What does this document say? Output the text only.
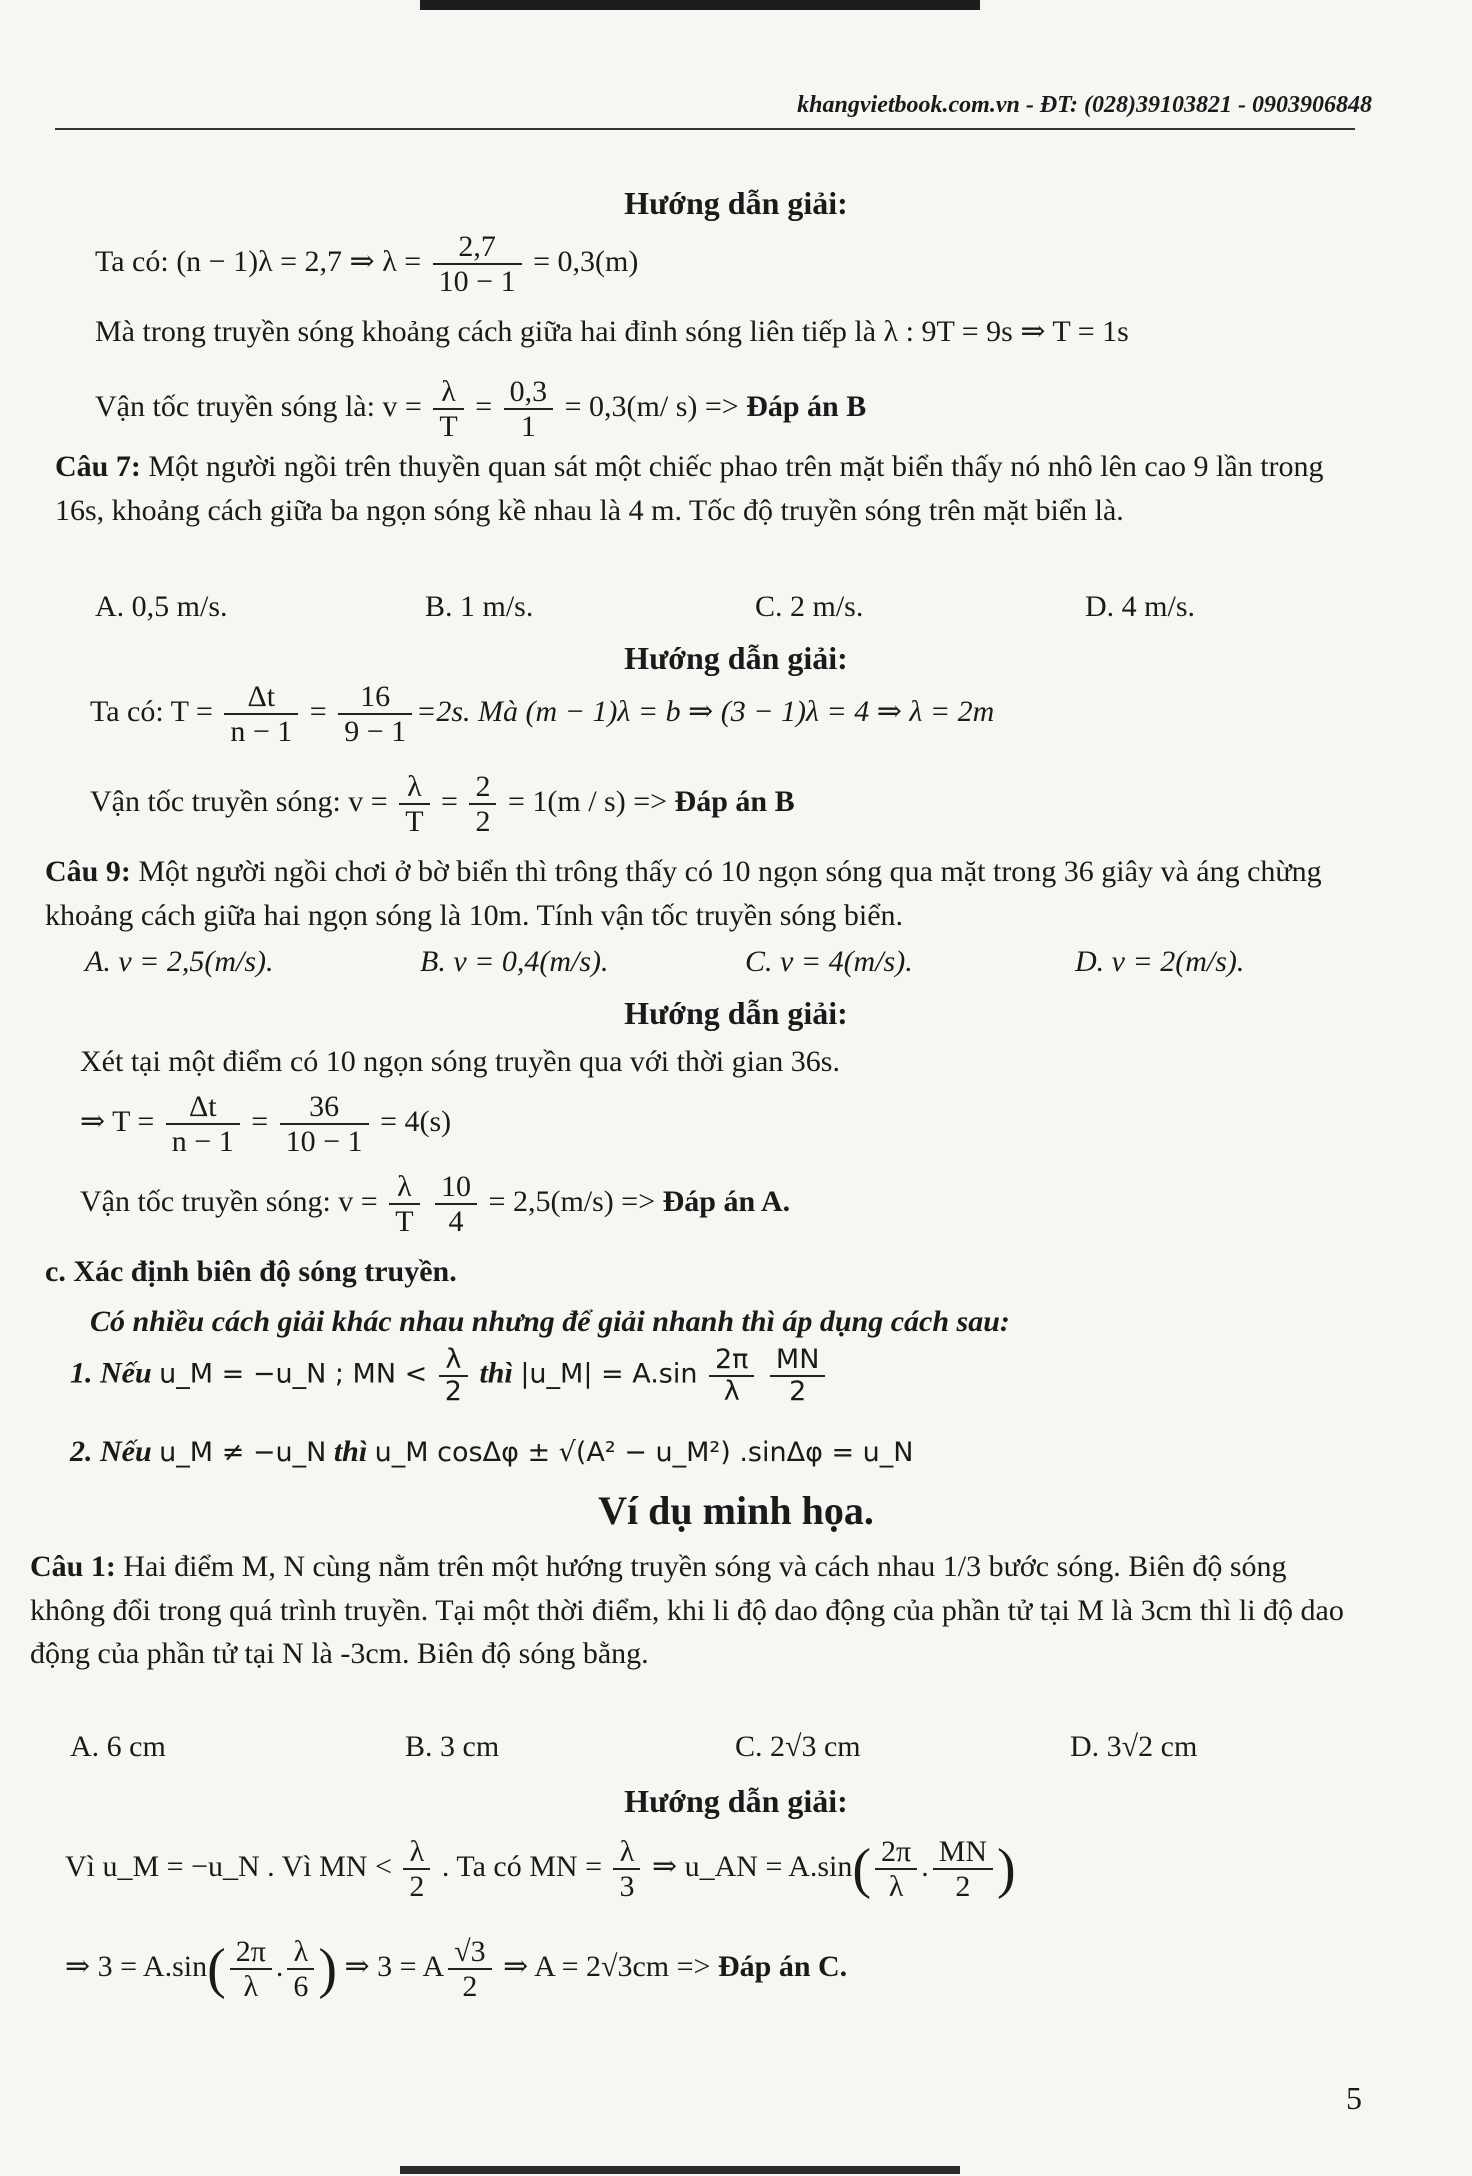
khangvietbook.com.vn - ĐT: (028)39103821 - 0903906848
Hướng dẫn giải:
Ta có: (n − 1)λ = 2,7 ⇒ $\lambda = \frac{2,7}{10 - 1} = 0,3(m)$
Mà trong truyền sóng khoảng cách giữa hai đỉnh sóng liên tiếp là λ : 9T = 9s ⇒ T = 1s
Vận tốc truyền sóng là: $v = \frac{\lambda}{T} = \frac{0,3}{1} = 0,3(m/$ s) => Đáp án B
Câu 7: Một người ngồi trên thuyền quan sát một chiếc phao trên mặt biển thấy nó nhô lên cao 9 lần trong 16s, khoảng cách giữa ba ngọn sóng kề nhau là 4 m. Tốc độ truyền sóng trên mặt biển là.
A. 0,5 m/s.	B. 1 m/s.	C. 2 m/s.	D. 4 m/s.
Hướng dẫn giải:
Ta có: $T = \frac{\Delta t}{n - 1} = \frac{16}{9 - 1} =2s$. Mà (m − 1)λ = b ⇒ (3 − 1)λ = 4 ⇒ λ = 2m
Vận tốc truyền sóng: $v = \frac{\lambda}{T} = \frac{2}{2} = 1(m / s)$ => Đáp án B
Câu 9: Một người ngồi chơi ở bờ biển thì trông thấy có 10 ngọn sóng qua mặt trong 36 giây và áng chừng khoảng cách giữa hai ngọn sóng là 10m. Tính vận tốc truyền sóng biển.
A. v = 2,5(m/s).	B. v = 0,4(m/s).	C. v = 4(m/s).	D. v = 2(m/s).
Hướng dẫn giải:
Xét tại một điểm có 10 ngọn sóng truyền qua với thời gian 36s.
⇒ $T = \frac{\Delta t}{n - 1} = \frac{36}{10 - 1} = 4(s)$
Vận tốc truyền sóng: $v = \frac{\lambda}{T}$
$\frac{10}{4} = 2,5(m/s)$ => Đáp án A.
c. Xác định biên độ sóng truyền.
Có nhiều cách giải khác nhau nhưng để giải nhanh thì áp dụng cách sau:
1. Nếu u_M = −u_N ; MN < $\frac{\lambda}{2}$ thì |u_M| = $A.\sin \frac{2\pi}{\lambda}$
$\frac{MN}{2}$
2. Nếu u_M ≠ −u_N thì u_M cosΔφ ± √(A² − u_M²) .sinΔφ = u_N
Ví dụ minh họa.
Câu 1: Hai điểm M, N cùng nằm trên một hướng truyền sóng và cách nhau 1/3 bước sóng. Biên độ sóng không đổi trong quá trình truyền. Tại một thời điểm, khi li độ dao động của phần tử tại M là 3cm thì li độ dao động của phần tử tại N là -3cm. Biên độ sóng bằng.
A. 6 cm	B. 3 cm	C. 2√3 cm	D. 3√2 cm
Hướng dẫn giải:
Vì u_M = −u_N . Vì MN < $\frac{\lambda}{2}$ . Ta có MN = $\frac{\lambda}{3}$ ⇒ u_AN = $A.\sin( \frac{2\pi}{\lambda}$ . $\frac{MN}{2}$ )
⇒ $3 = A.\sin( \frac{2\pi}{\lambda}$ . $\frac{\lambda}{6}$ ) ⇒ 3 = A $\frac{√3}{2}$ ⇒ A = 2√3cm => Đáp án C.
5
